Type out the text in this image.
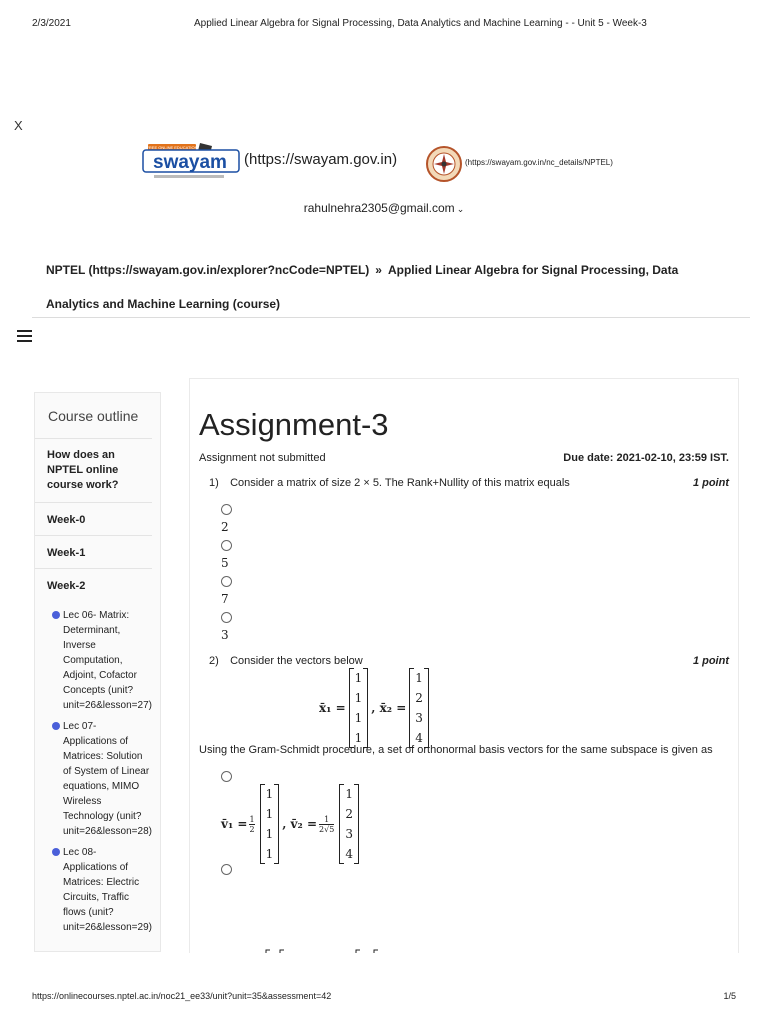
2/3/2021	Applied Linear Algebra for Signal Processing, Data Analytics and Machine Learning - - Unit 5 - Week-3
X
FREE ONLINE EDUCATION
swayam (https://swayam.gov.in)	(https://swayam.gov.in/nc_details/NPTEL)
rahulnehra2305@gmail.com ⌄
NPTEL (https://swayam.gov.in/explorer?ncCode=NPTEL) » Applied Linear Algebra for Signal Processing, Data Analytics and Machine Learning (course)
Course outline
How does an NPTEL online course work?
Week-0
Week-1
Week-2
Lec 06- Matrix: Determinant, Inverse Computation, Adjoint, Cofactor Concepts (unit?unit=26&lesson=27)
Lec 07- Applications of Matrices: Solution of System of Linear equations, MIMO Wireless Technology (unit?unit=26&lesson=28)
Lec 08- Applications of Matrices: Electric Circuits, Traffic flows (unit?unit=26&lesson=29)
Assignment-3
Assignment not submitted	Due date: 2021-02-10, 23:59 IST.
1) Consider a matrix of size 2 × 5. The Rank+Nullity of this matrix equals	1 point
2
5
7
3
2) Consider the vectors below	1 point
x̄₁ =
1
1
1
1
, x̄₂ =
1
2
3
4
Using the Gram-Schmidt procedure, a set of orthonormal basis vectors for the same subspace is given as
v̄₁ = $\frac{1}{2}$
1
1
1
1
, v̄₂ = $\frac{1}{2√5}$
1
2
3
4
https://onlinecourses.nptel.ac.in/noc21_ee33/unit?unit=35&assessment=42	1/5
